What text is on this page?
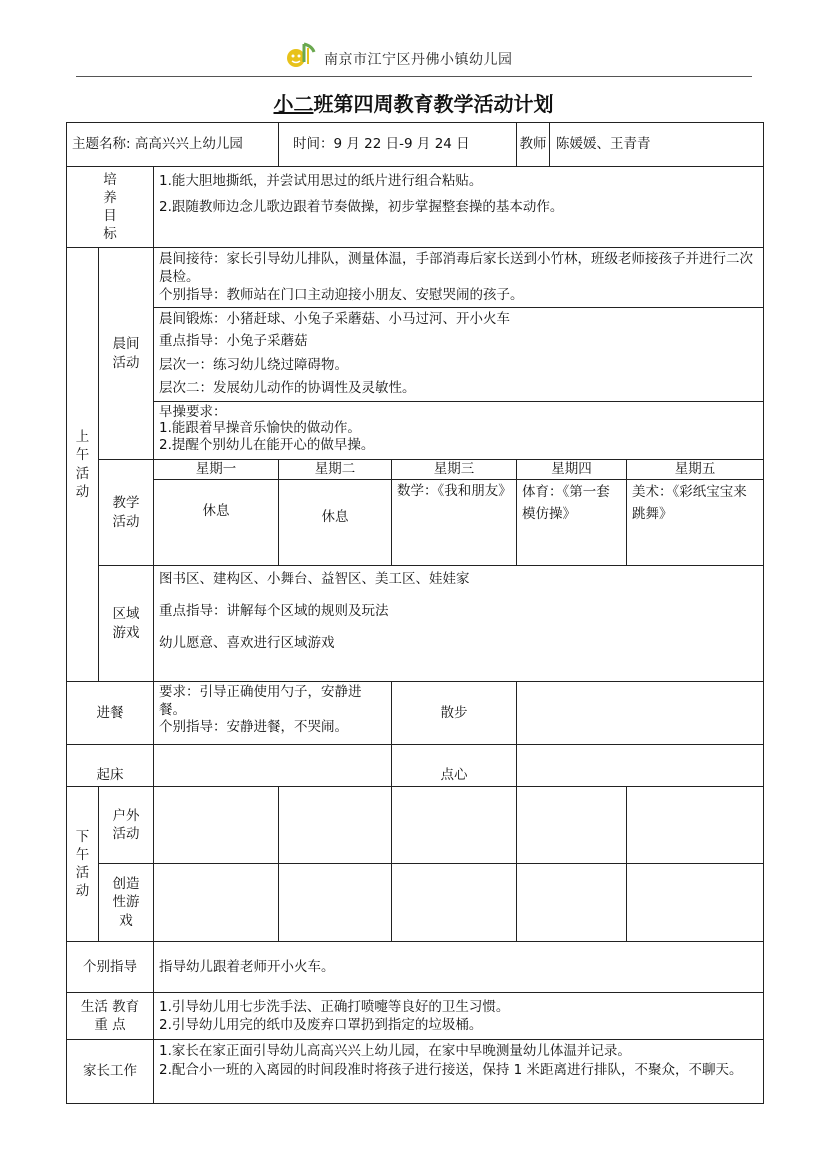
南京市江宁区丹佛小镇幼儿园
小二班第四周教育教学活动计划
主题名称: 高高兴兴上幼儿园			时间：9 月 22 日-9 月 24 日		教师 陈媛媛、王青青	

培养目标		1.能大胆地撕纸，并尝试用思过的纸片进行组合粘贴。
2.跟随教师边念儿歌边跟着节奏做操，初步掌握整套操的基本动作。				

上午活动	晨间活动	晨间接待：家长引导幼儿排队，测量体温，手部消毒后家长送到小竹林，班级老师接孩子并进行二次晨检。
个别指导：教师站在门口主动迎接小朋友、安慰哭闹的孩子。				

		晨间锻炼：小猪赶球、小兔子采蘑菇、小马过河、开小火车
重点指导：小兔子采蘑菇
层次一：练习幼儿绕过障碍物。
层次二：发展幼儿动作的协调性及灵敏性。				

		早操要求：
1.能跟着早操音乐愉快的做动作。
2.提醒个别幼儿在能开心的做早操。				

	教学活动	星期一	星期二	星期三	星期四	星期五
		休息	休息	数学：《我和朋友》	体育：《第一套模仿操》	美术：《彩纸宝宝来跳舞》
	区域游戏	图书区、建构区、小舞台、益智区、美工区、娃娃家
重点指导：讲解每个区域的规则及玩法
幼儿愿意、喜欢进行区域游戏				

进餐		要求：引导正确使用勺子，安静进餐。
个别指导：安静进餐，不哭闹。		散步		
起床				点心		
下午活动	户外活动					
	创造性游戏					
个别指导		指导幼儿跟着老师开小火车。				
生活 教育 重 点		1.引导幼儿用七步洗手法、正确打喷嚏等良好的卫生习惯。
2.引导幼儿用完的纸巾及废弃口罩扔到指定的垃圾桶。				

家长工作		1.家长在家正面引导幼儿高高兴兴上幼儿园，在家中早晚测量幼儿体温并记录。
2.配合小一班的入离园的时间段准时将孩子进行接送，保持 1 米距离进行排队，不聚众，不聊天。				
